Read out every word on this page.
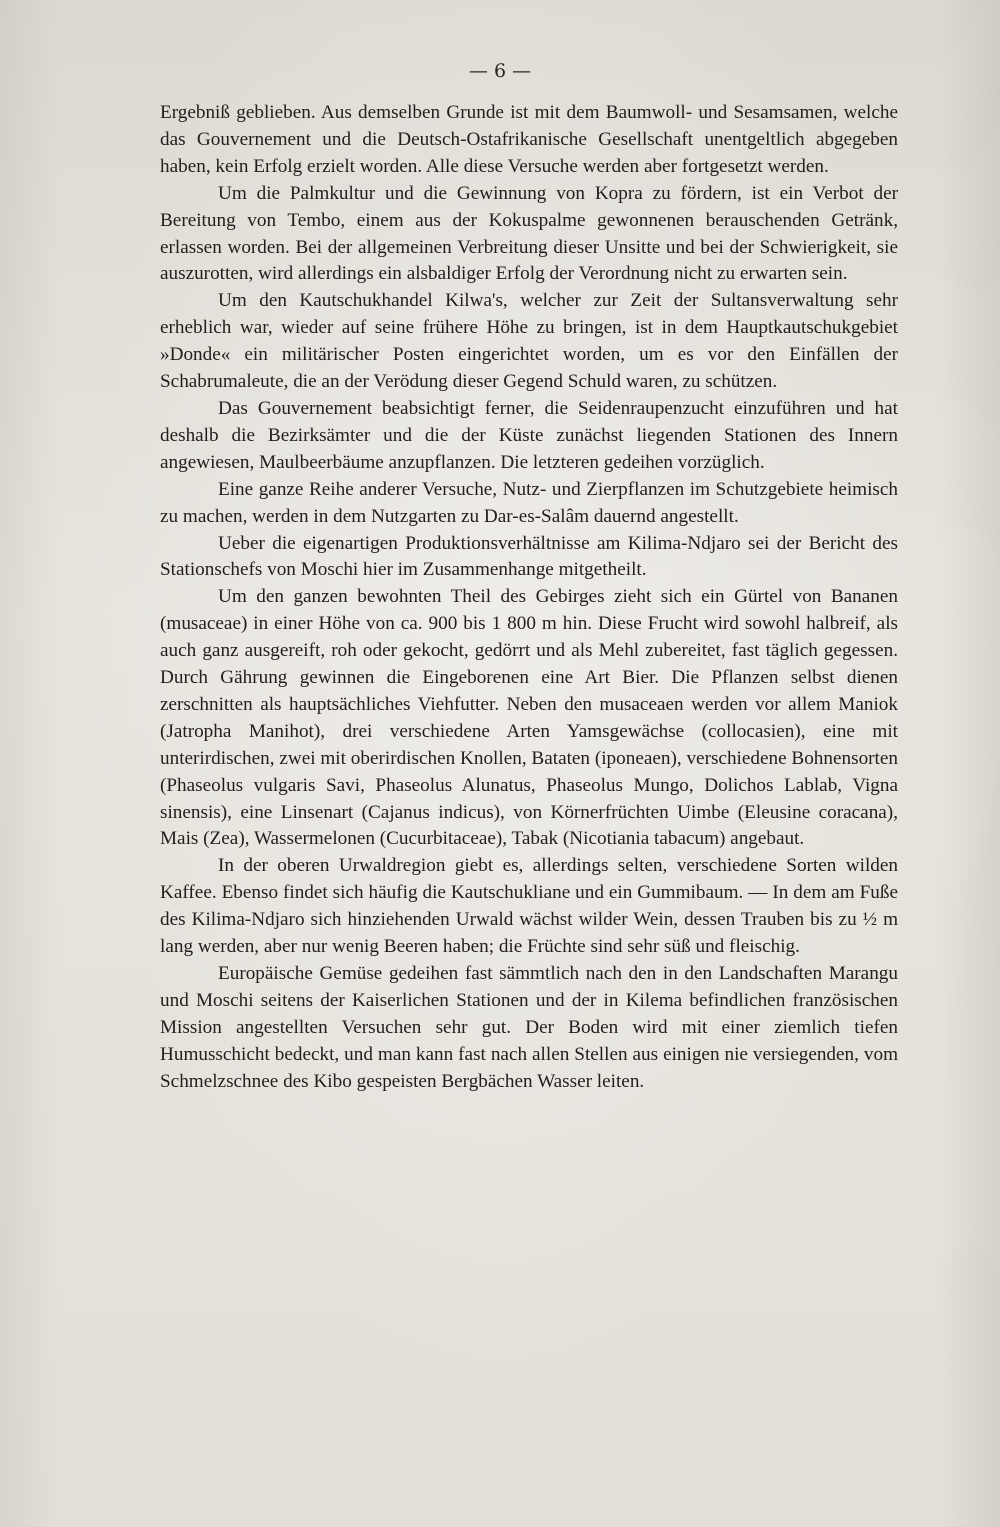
— 6 —

Ergebniß geblieben. Aus demselben Grunde ist mit dem Baumwoll- und Sesamsamen, welche das Gouvernement und die Deutsch-Ostafrikanische Gesellschaft unentgeltlich abgegeben haben, kein Erfolg erzielt worden. Alle diese Versuche werden aber fortgesetzt werden.

Um die Palmkultur und die Gewinnung von Kopra zu fördern, ist ein Verbot der Bereitung von Tembo, einem aus der Kokuspalme gewonnenen berauschenden Getränk, erlassen worden. Bei der allgemeinen Verbreitung dieser Unsitte und bei der Schwierigkeit, sie auszurotten, wird allerdings ein alsbaldiger Erfolg der Verordnung nicht zu erwarten sein.

Um den Kautschukhandel Kilwa's, welcher zur Zeit der Sultansverwaltung sehr erheblich war, wieder auf seine frühere Höhe zu bringen, ist in dem Hauptkautschukgebiet »Donde« ein militärischer Posten eingerichtet worden, um es vor den Einfällen der Schabrumaleute, die an der Verödung dieser Gegend Schuld waren, zu schützen.

Das Gouvernement beabsichtigt ferner, die Seidenraupenzucht einzuführen und hat deshalb die Bezirksämter und die der Küste zunächst liegenden Stationen des Innern angewiesen, Maulbeerbäume anzupflanzen. Die letzteren gedeihen vorzüglich.

Eine ganze Reihe anderer Versuche, Nutz- und Zierpflanzen im Schutzgebiete heimisch zu machen, werden in dem Nutzgarten zu Dar-es-Salâm dauernd angestellt.

Ueber die eigenartigen Produktionsverhältnisse am Kilima-Ndjaro sei der Bericht des Stationschefs von Moschi hier im Zusammenhange mitgetheilt.

Um den ganzen bewohnten Theil des Gebirges zieht sich ein Gürtel von Bananen (musaceae) in einer Höhe von ca. 900 bis 1 800 m hin. Diese Frucht wird sowohl halbreif, als auch ganz ausgereift, roh oder gekocht, gedörrt und als Mehl zubereitet, fast täglich gegessen. Durch Gährung gewinnen die Eingeborenen eine Art Bier. Die Pflanzen selbst dienen zerschnitten als hauptsächliches Viehfutter. Neben den musaceaen werden vor allem Maniok (Jatropha Manihot), drei verschiedene Arten Yamsgewächse (collocasien), eine mit unterirdischen, zwei mit oberirdischen Knollen, Bataten (iponeaen), verschiedene Bohnensorten (Phaseolus vulgaris Savi, Phaseolus Alunatus, Phaseolus Mungo, Dolichos Lablab, Vigna sinensis), eine Linsenart (Cajanus indicus), von Körnerfrüchten Uimbe (Eleusine coracana), Mais (Zea), Wassermelonen (Cucurbitaceae), Tabak (Nicotiania tabacum) angebaut.

In der oberen Urwaldregion giebt es, allerdings selten, verschiedene Sorten wilden Kaffee. Ebenso findet sich häufig die Kautschukliane und ein Gummibaum. — In dem am Fuße des Kilima-Ndjaro sich hinziehenden Urwald wächst wilder Wein, dessen Trauben bis zu ½ m lang werden, aber nur wenig Beeren haben; die Früchte sind sehr süß und fleischig.

Europäische Gemüse gedeihen fast sämmtlich nach den in den Landschaften Marangu und Moschi seitens der Kaiserlichen Stationen und der in Kilema befindlichen französischen Mission angestellten Versuchen sehr gut. Der Boden wird mit einer ziemlich tiefen Humusschicht bedeckt, und man kann fast nach allen Stellen aus einigen nie versiegenden, vom Schmelzschnee des Kibo gespeisten Bergbächen Wasser leiten.
